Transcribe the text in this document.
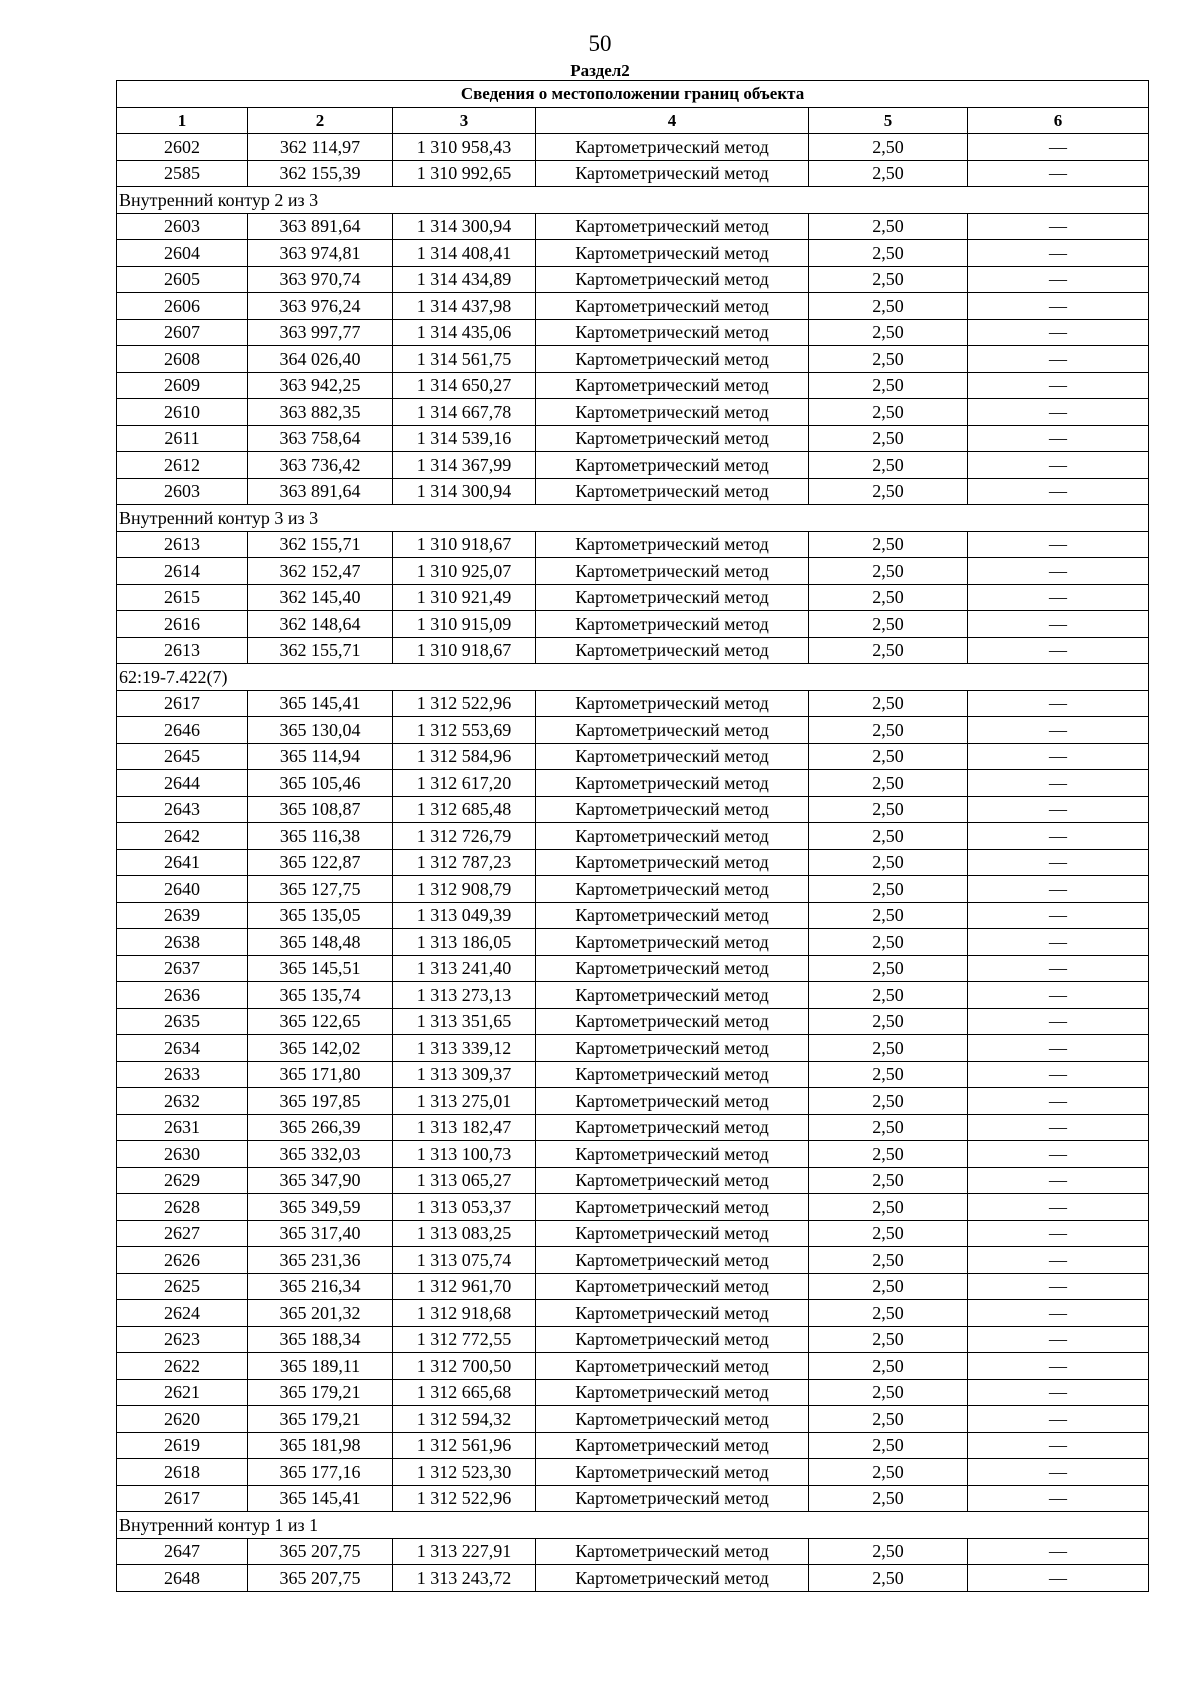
50
Раздел2
Сведения о местоположении границ объекта					
1	2	3	4	5	6
2602	362 114,97	1 310 958,43	Картометрический метод	2,50	—
2585	362 155,39	1 310 992,65	Картометрический метод	2,50	—
Внутренний контур 2 из 3					
2603	363 891,64	1 314 300,94	Картометрический метод	2,50	—
2604	363 974,81	1 314 408,41	Картометрический метод	2,50	—
2605	363 970,74	1 314 434,89	Картометрический метод	2,50	—
2606	363 976,24	1 314 437,98	Картометрический метод	2,50	—
2607	363 997,77	1 314 435,06	Картометрический метод	2,50	—
2608	364 026,40	1 314 561,75	Картометрический метод	2,50	—
2609	363 942,25	1 314 650,27	Картометрический метод	2,50	—
2610	363 882,35	1 314 667,78	Картометрический метод	2,50	—
2611	363 758,64	1 314 539,16	Картометрический метод	2,50	—
2612	363 736,42	1 314 367,99	Картометрический метод	2,50	—
2603	363 891,64	1 314 300,94	Картометрический метод	2,50	—
Внутренний контур 3 из 3					
2613	362 155,71	1 310 918,67	Картометрический метод	2,50	—
2614	362 152,47	1 310 925,07	Картометрический метод	2,50	—
2615	362 145,40	1 310 921,49	Картометрический метод	2,50	—
2616	362 148,64	1 310 915,09	Картометрический метод	2,50	—
2613	362 155,71	1 310 918,67	Картометрический метод	2,50	—
62:19-7.422(7)					
2617	365 145,41	1 312 522,96	Картометрический метод	2,50	—
2646	365 130,04	1 312 553,69	Картометрический метод	2,50	—
2645	365 114,94	1 312 584,96	Картометрический метод	2,50	—
2644	365 105,46	1 312 617,20	Картометрический метод	2,50	—
2643	365 108,87	1 312 685,48	Картометрический метод	2,50	—
2642	365 116,38	1 312 726,79	Картометрический метод	2,50	—
2641	365 122,87	1 312 787,23	Картометрический метод	2,50	—
2640	365 127,75	1 312 908,79	Картометрический метод	2,50	—
2639	365 135,05	1 313 049,39	Картометрический метод	2,50	—
2638	365 148,48	1 313 186,05	Картометрический метод	2,50	—
2637	365 145,51	1 313 241,40	Картометрический метод	2,50	—
2636	365 135,74	1 313 273,13	Картометрический метод	2,50	—
2635	365 122,65	1 313 351,65	Картометрический метод	2,50	—
2634	365 142,02	1 313 339,12	Картометрический метод	2,50	—
2633	365 171,80	1 313 309,37	Картометрический метод	2,50	—
2632	365 197,85	1 313 275,01	Картометрический метод	2,50	—
2631	365 266,39	1 313 182,47	Картометрический метод	2,50	—
2630	365 332,03	1 313 100,73	Картометрический метод	2,50	—
2629	365 347,90	1 313 065,27	Картометрический метод	2,50	—
2628	365 349,59	1 313 053,37	Картометрический метод	2,50	—
2627	365 317,40	1 313 083,25	Картометрический метод	2,50	—
2626	365 231,36	1 313 075,74	Картометрический метод	2,50	—
2625	365 216,34	1 312 961,70	Картометрический метод	2,50	—
2624	365 201,32	1 312 918,68	Картометрический метод	2,50	—
2623	365 188,34	1 312 772,55	Картометрический метод	2,50	—
2622	365 189,11	1 312 700,50	Картометрический метод	2,50	—
2621	365 179,21	1 312 665,68	Картометрический метод	2,50	—
2620	365 179,21	1 312 594,32	Картометрический метод	2,50	—
2619	365 181,98	1 312 561,96	Картометрический метод	2,50	—
2618	365 177,16	1 312 523,30	Картометрический метод	2,50	—
2617	365 145,41	1 312 522,96	Картометрический метод	2,50	—
Внутренний контур 1 из 1					
2647	365 207,75	1 313 227,91	Картометрический метод	2,50	—
2648	365 207,75	1 313 243,72	Картометрический метод	2,50	—
